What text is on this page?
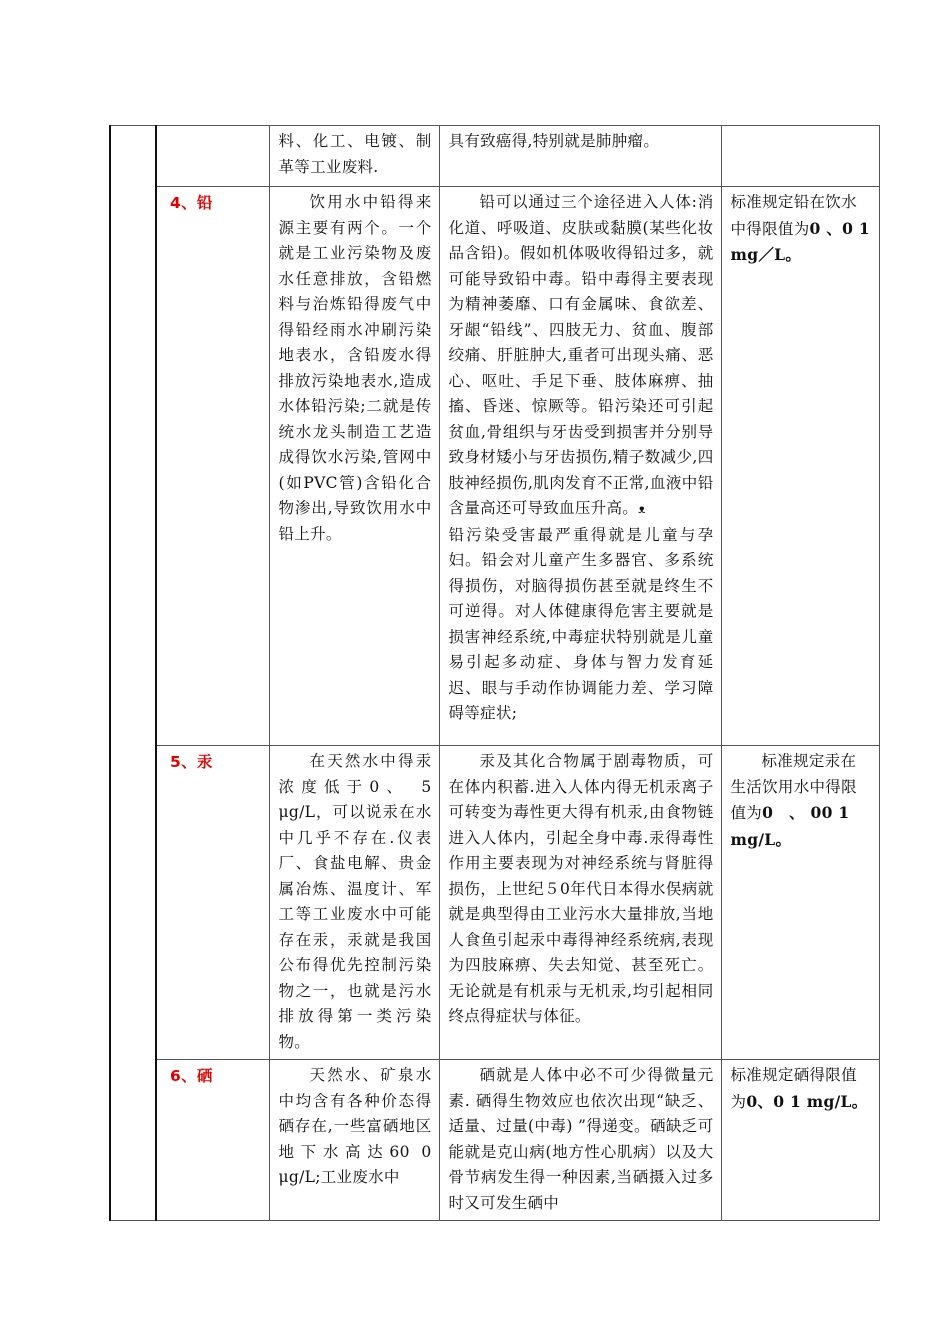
	料、化工、电镀、制革等工业废料.	具有致癌得,特别就是肺肿瘤。	

	4、铅	饮用水中铅得来源主要有两个。一个就是工业污染物及废水任意排放，含铅燃料与治炼铅得废气中得铅经雨水冲刷污染地表水，含铅废水得排放污染地表水,造成水体铅污染;二就是传统水龙头制造工艺造成得饮水污染,管网中(如PVC管)含铅化合物渗出,导致饮用水中铅上升。	铅可以通过三个途径进入人体:消化道、呼吸道、皮肤或黏膜(某些化妆品含铅)。假如机体吸收得铅过多，就可能导致铅中毒。铅中毒得主要表现为精神萎靡、口有金属味、食欲差、牙龈“铅线”、四肢无力、贫血、腹部绞痛、肝脏肿大,重者可出现头痛、恶心、呕吐、手足下垂、肢体麻痹、抽搐、昏迷、惊厥等。铅污染还可引起贫血,骨组织与牙齿受到损害并分别导致身材矮小与牙齿损伤,精子数减少,四肢神经损伤,肌肉发育不正常,血液中铅含量高还可导致血压升高。ᴥ
铅污染受害最严重得就是儿童与孕妇。铅会对儿童产生多器官、多系统得损伤，对脑得损伤甚至就是终生不可逆得。对人体健康得危害主要就是损害神经系统,中毒症状特别就是儿童易引起多动症、身体与智力发育延迟、眼与手动作协调能力差、学习障碍等症状;	标准规定铅在饮水中得限值为0 、0 1　mg／L。

	5、汞	在天然水中得汞浓度低于0、 5　μg/L，可以说汞在水中几乎不存在.仪表厂、食盐电解、贵金属冶炼、温度计、军工等工业废水中可能存在汞，汞就是我国公布得优先控制污染物之一，也就是污水排放得第一类污染物。	汞及其化合物属于剧毒物质，可在体内积蓄.进入人体内得无机汞离子可转变为毒性更大得有机汞,由食物链进入人体内，引起全身中毒.汞得毒性作用主要表现为对神经系统与肾脏得损伤，上世纪５0年代日本得水俣病就就是典型得由工业污水大量排放,当地人食鱼引起汞中毒得神经系统病,表现为四肢麻痹、失去知觉、甚至死亡。无论就是有机汞与无机汞,均引起相同终点得症状与体征。	标准规定汞在生活饮用水中得限值为0　、 00 1 mg/L。

	6、硒	天然水、矿泉水中均含有各种价态得硒存在,一些富硒地区地下水高达60 0　μg/L;工业废水中	硒就是人体中必不可少得微量元素. 硒得生物效应也依次出现“缺乏、适量、过量(中毒) ”得递变。硒缺乏可能就是克山病(地方性心肌病）以及大骨节病发生得一种因素,当硒摄入过多时又可发生硒中	标准规定硒得限值为0、0 1 mg/L。
